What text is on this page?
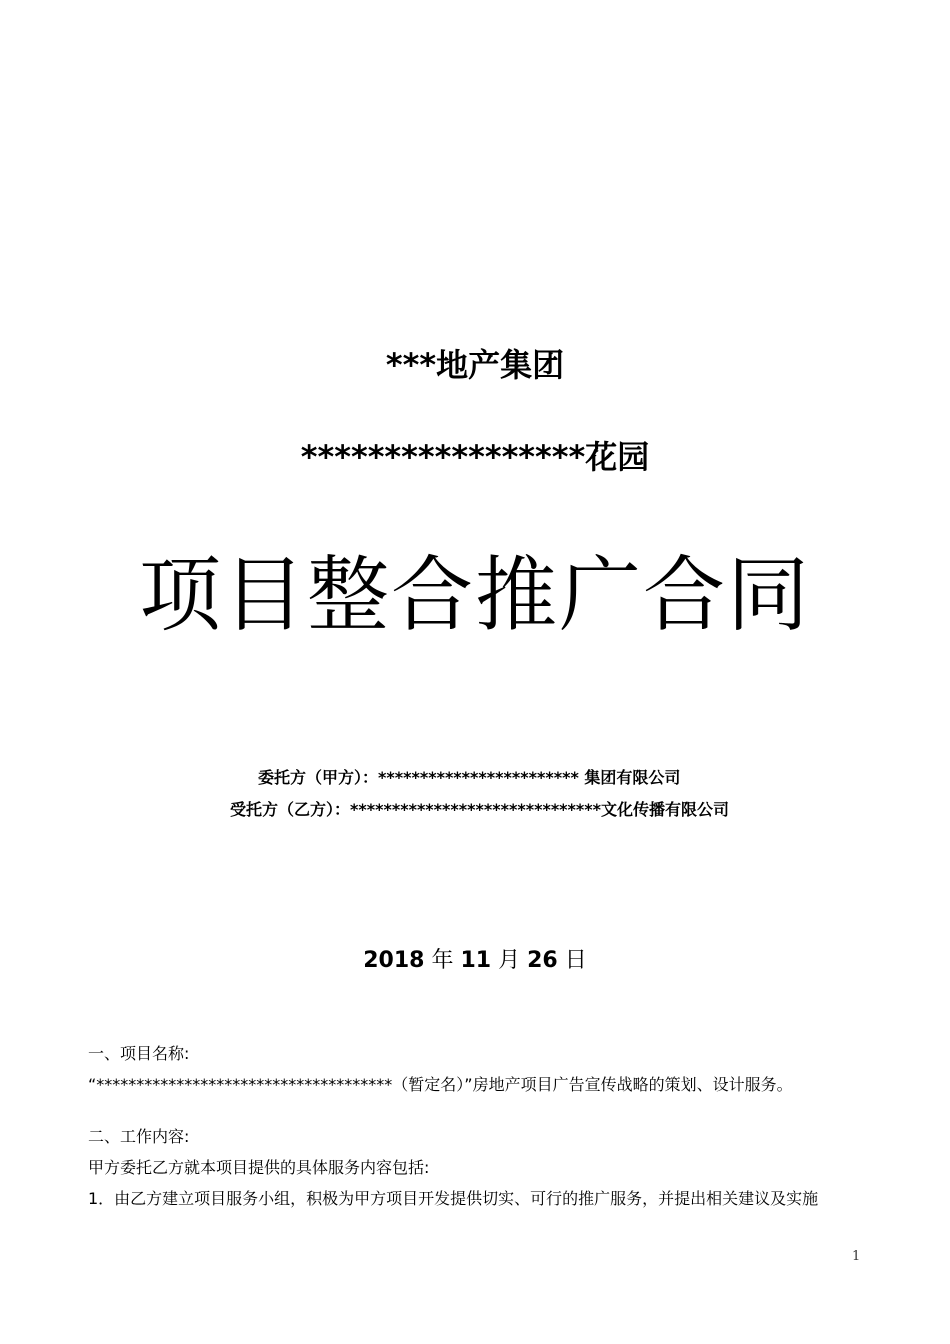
***地产集团
*****************花园
项目整合推广合同
委托方（甲方）：************************ 集团有限公司
受托方（乙方）：******************************文化传播有限公司
2018 年 11 月 26 日
一、项目名称:
“*************************************（暂定名）”房地产项目广告宣传战略的策划、设计服务。
二、工作内容:
甲方委托乙方就本项目提供的具体服务内容包括:
1．由乙方建立项目服务小组，积极为甲方项目开发提供切实、可行的推广服务，并提出相关建议及实施
1
